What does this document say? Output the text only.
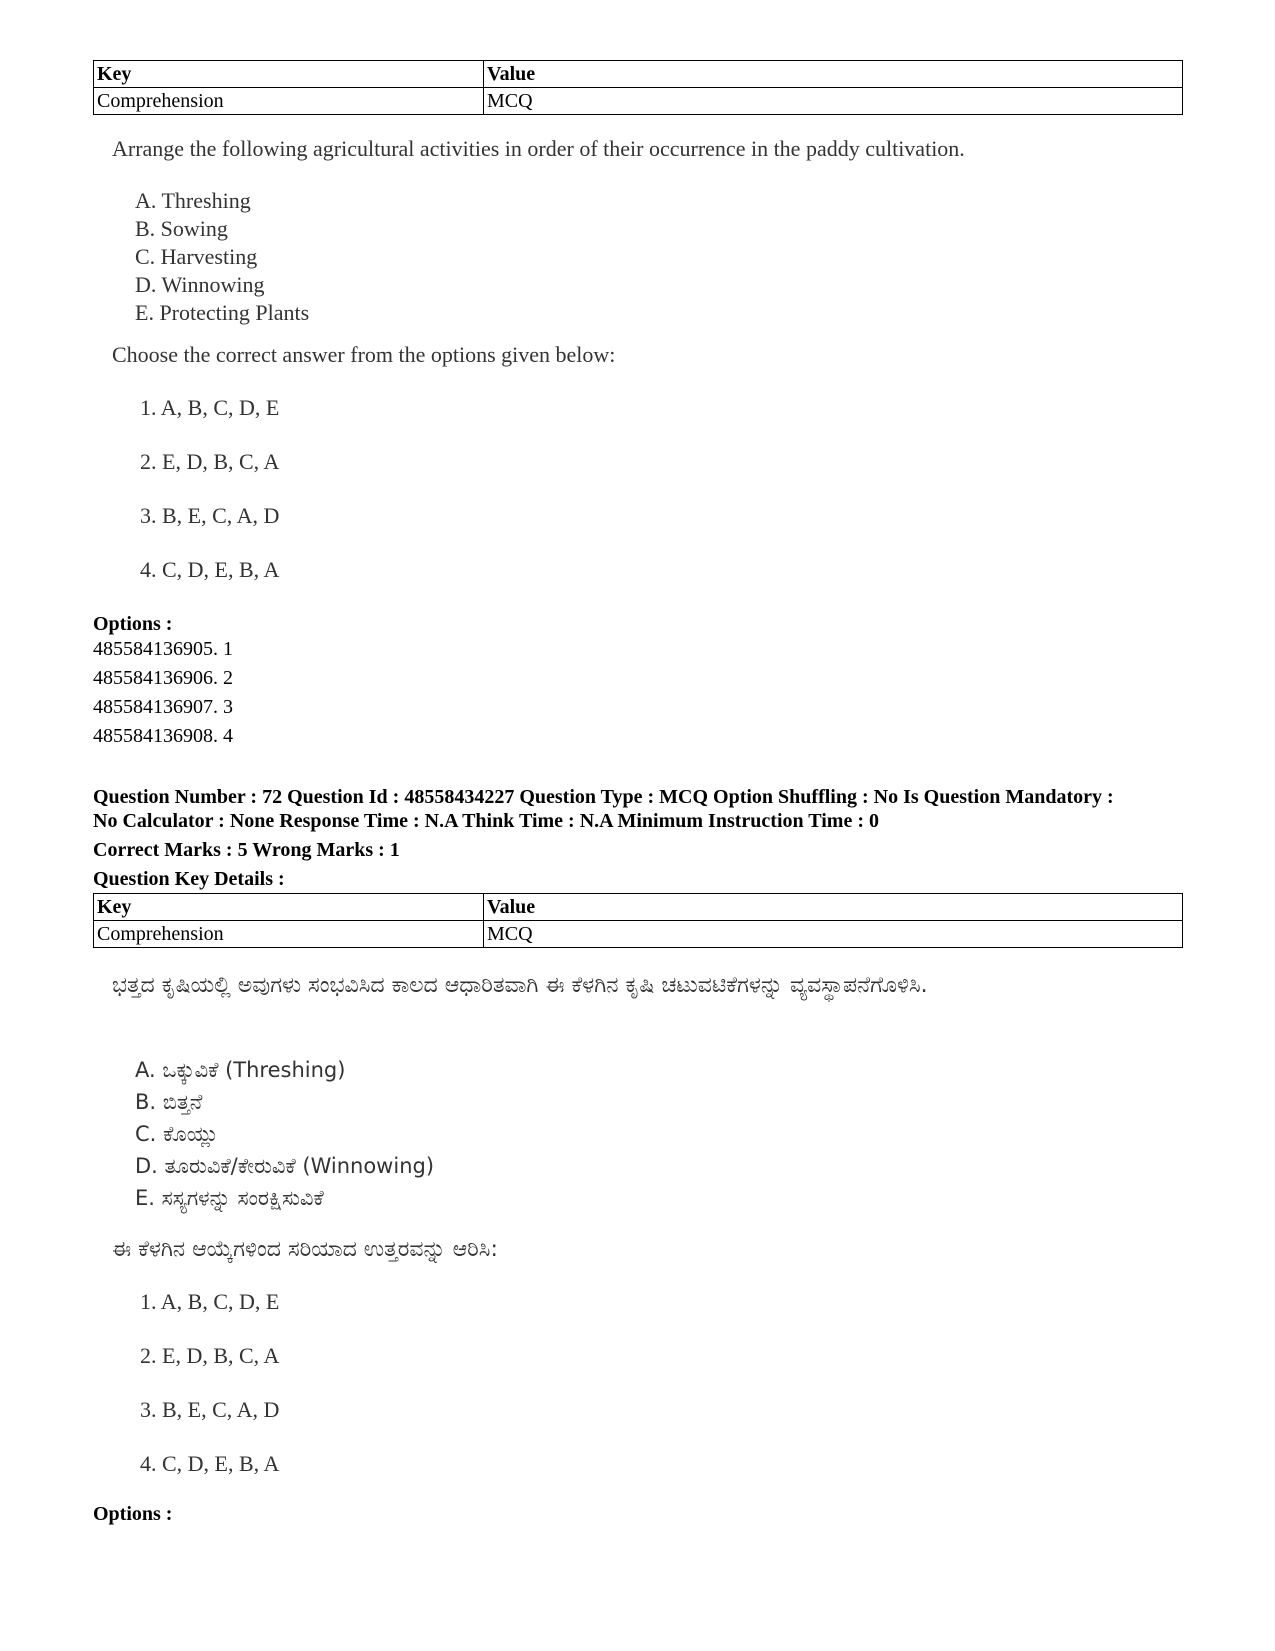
Key	Value
Comprehension	MCQ
Arrange the following agricultural activities in order of their occurrence in the paddy cultivation.
A. Threshing
B. Sowing
C. Harvesting
D. Winnowing
E. Protecting Plants
Choose the correct answer from the options given below:
1. A, B, C, D, E
2. E, D, B, C, A
3. B, E, C, A, D
4. C, D, E, B, A
Options :
485584136905. 1
485584136906. 2
485584136907. 3
485584136908. 4
Question Number : 72 Question Id : 48558434227 Question Type : MCQ Option Shuffling : No Is Question Mandatory :
No Calculator : None Response Time : N.A Think Time : N.A Minimum Instruction Time : 0
Correct Marks : 5 Wrong Marks : 1
Question Key Details :
Key	Value
Comprehension	MCQ
ಭತ್ತದ ಕೃಷಿಯಲ್ಲಿ ಅವುಗಳು ಸಂಭವಿಸಿದ ಕಾಲದ ಆಧಾರಿತವಾಗಿ ಈ ಕೆಳಗಿನ ಕೃಷಿ ಚಟುವಟಿಕೆಗಳನ್ನು ವ್ಯವಸ್ಥಾಪನೆಗೊಳಿಸಿ.
A. ಒಕ್ಕುವಿಕೆ (Threshing)
B. ಬಿತ್ತನೆ
C. ಕೊಯ್ಲು
D. ತೂರುವಿಕೆ/ಕೇರುವಿಕೆ (Winnowing)
E. ಸಸ್ಯಗಳನ್ನು ಸಂರಕ್ಷಿಸುವಿಕೆ
ಈ ಕೆಳಗಿನ ಆಯ್ಕೆಗಳಿಂದ ಸರಿಯಾದ ಉತ್ತರವನ್ನು ಆರಿಸಿ:
1. A, B, C, D, E
2. E, D, B, C, A
3. B, E, C, A, D
4. C, D, E, B, A
Options :
